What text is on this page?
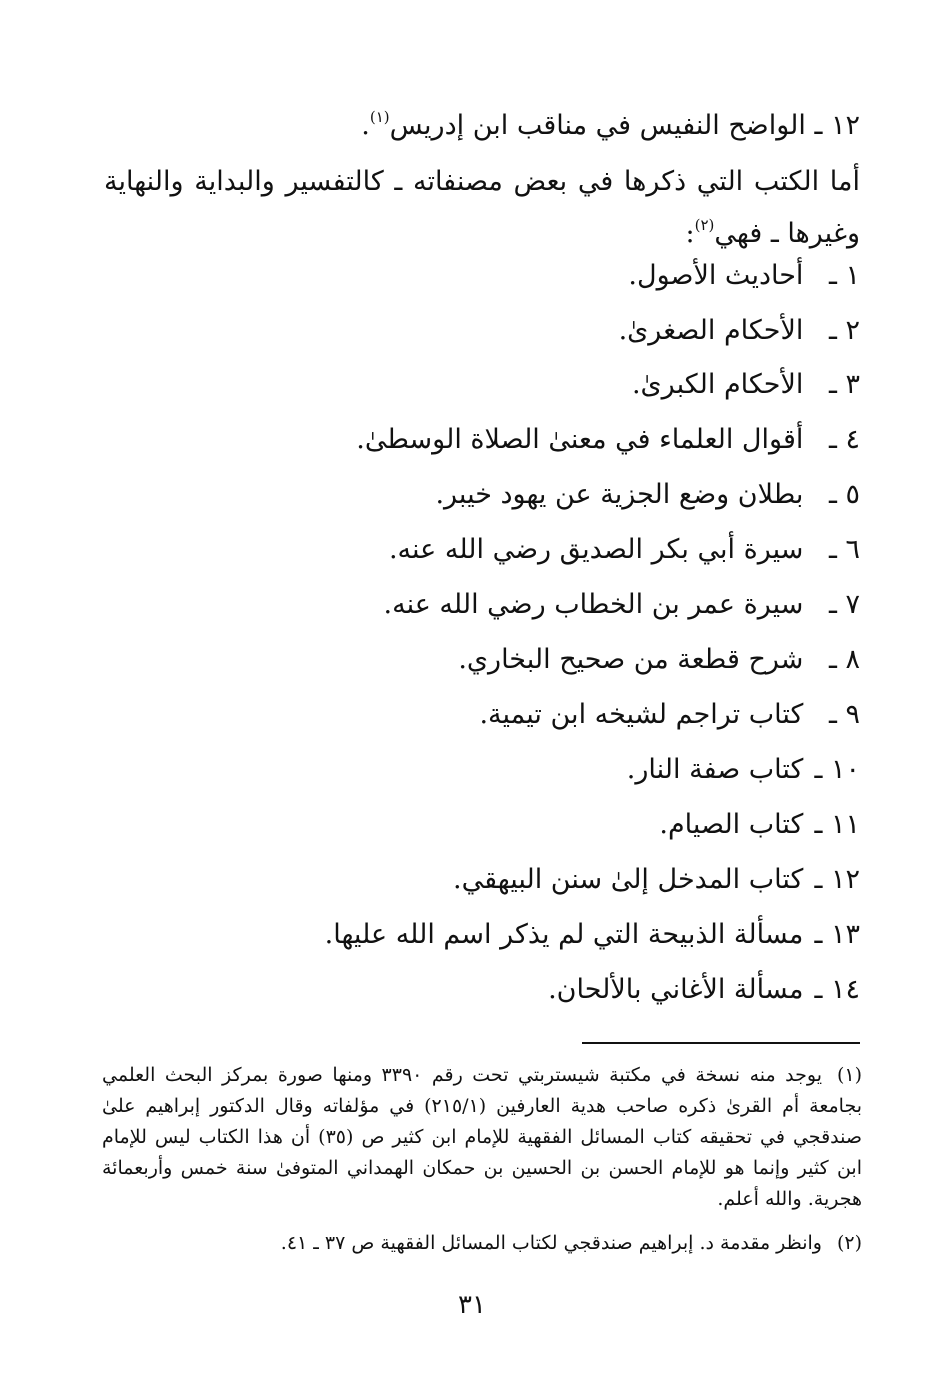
١٢ ـ الواضح النفيس في مناقب ابن إدريس$^{(١)}$.
أما الكتب التي ذكرها في بعض مصنفاته ـ كالتفسير والبداية والنهاية وغيرها ـ فهي$^{(٢)}$:
١ ـ أحاديث الأصول.
٢ ـ الأحكام الصغرىٰ.
٣ ـ الأحكام الكبرىٰ.
٤ ـ أقوال العلماء في معنىٰ الصلاة الوسطىٰ.
٥ ـ بطلان وضع الجزية عن يهود خيبر.
٦ ـ سيرة أبي بكر الصديق رضي الله عنه.
٧ ـ سيرة عمر بن الخطاب رضي الله عنه.
٨ ـ شرح قطعة من صحيح البخاري.
٩ ـ كتاب تراجم لشيخه ابن تيمية.
١٠ ـ كتاب صفة النار.
١١ ـ كتاب الصيام.
١٢ ـ كتاب المدخل إلىٰ سنن البيهقي.
١٣ ـ مسألة الذبيحة التي لم يذكر اسم الله عليها.
١٤ ـ مسألة الأغاني بالألحان.
(١)يوجد منه نسخة في مكتبة شيستربتي تحت رقم ٣٣٩٠ ومنها صورة بمركز البحث العلمي بجامعة أم القرىٰ ذكره صاحب هدية العارفين (٢١٥/١) في مؤلفاته وقال الدكتور إبراهيم علىٰ صندقجي في تحقيقه كتاب المسائل الفقهية للإمام ابن كثير ص (٣٥) أن هذا الكتاب ليس للإمام ابن كثير وإنما هو للإمام الحسن بن الحسين بن حمكان الهمداني المتوفىٰ سنة خمس وأربعمائة هجرية. والله أعلم.
(٢)وانظر مقدمة د. إبراهيم صندقجي لكتاب المسائل الفقهية ص ٣٧ ـ ٤١.
٣١
